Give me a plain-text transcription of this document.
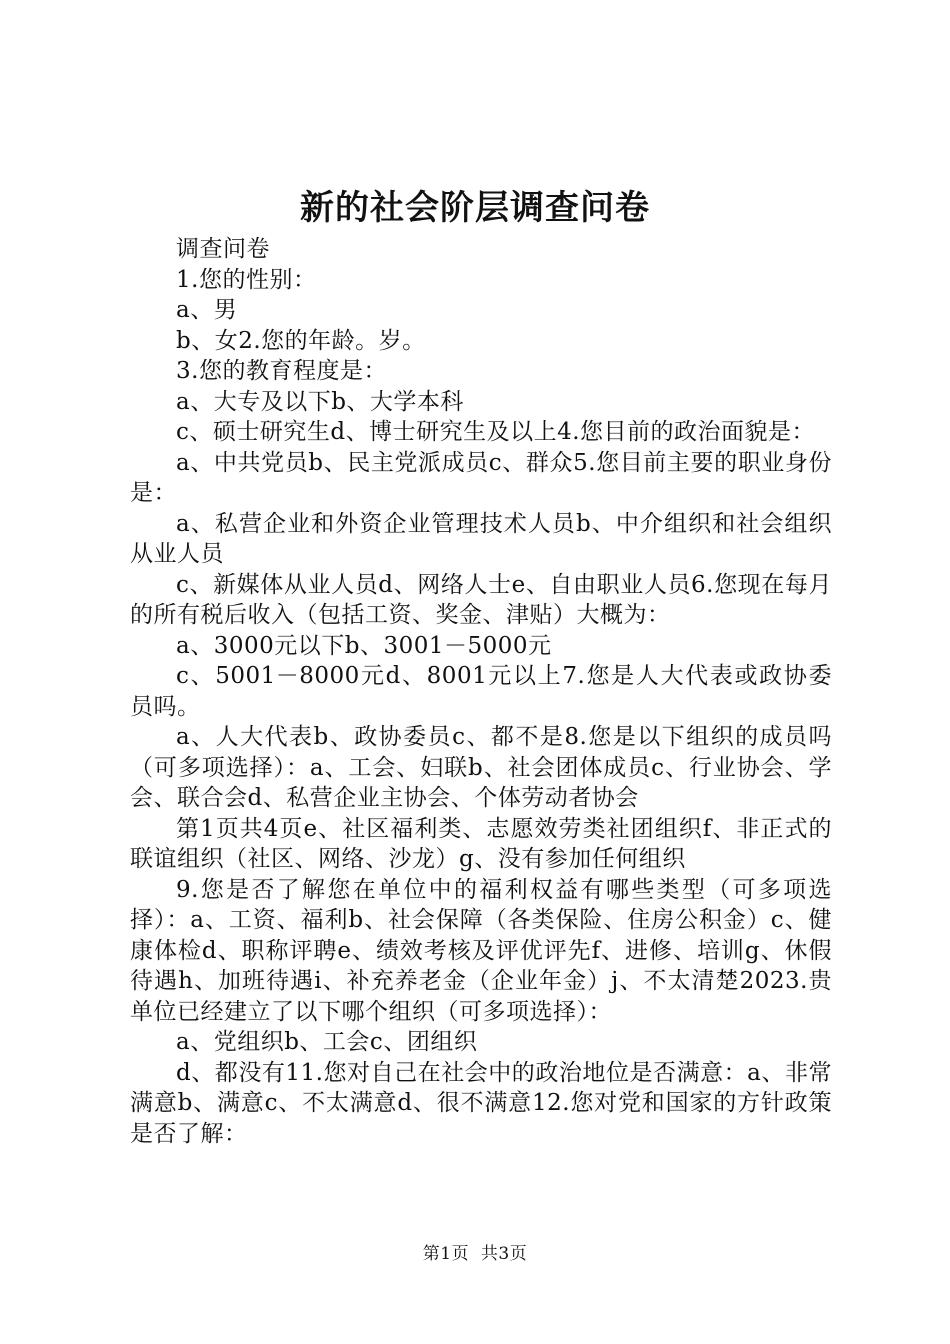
新的社会阶层调查问卷

调查问卷

1.您的性别：

a、男

b、女2.您的年龄。岁。

3.您的教育程度是：

a、大专及以下b、大学本科

c、硕士研究生d、博士研究生及以上4.您目前的政治面貌是：

a、中共党员b、民主党派成员c、群众5.您目前主要的职业身份是：

a、私营企业和外资企业管理技术人员b、中介组织和社会组织从业人员

c、新媒体从业人员d、网络人士e、自由职业人员6.您现在每月的所有税后收入（包括工资、奖金、津贴）大概为：

a、3000元以下b、3001－5000元

c、5001－8000元d、8001元以上7.您是人大代表或政协委员吗。

a、人大代表b、政协委员c、都不是8.您是以下组织的成员吗（可多项选择）：a、工会、妇联b、社会团体成员c、行业协会、学会、联合会d、私营企业主协会、个体劳动者协会

第1页共4页e、社区福利类、志愿效劳类社团组织f、非正式的联谊组织（社区、网络、沙龙）g、没有参加任何组织

9.您是否了解您在单位中的福利权益有哪些类型（可多项选择）：a、工资、福利b、社会保障（各类保险、住房公积金）c、健康体检d、职称评聘e、绩效考核及评优评先f、进修、培训g、休假待遇h、加班待遇i、补充养老金（企业年金）j、不太清楚2023.贵单位已经建立了以下哪个组织（可多项选择）：

a、党组织b、工会c、团组织

d、都没有11.您对自己在社会中的政治地位是否满意：a、非常满意b、满意c、不太满意d、很不满意12.您对党和国家的方针政策是否了解：

第1页 共3页
